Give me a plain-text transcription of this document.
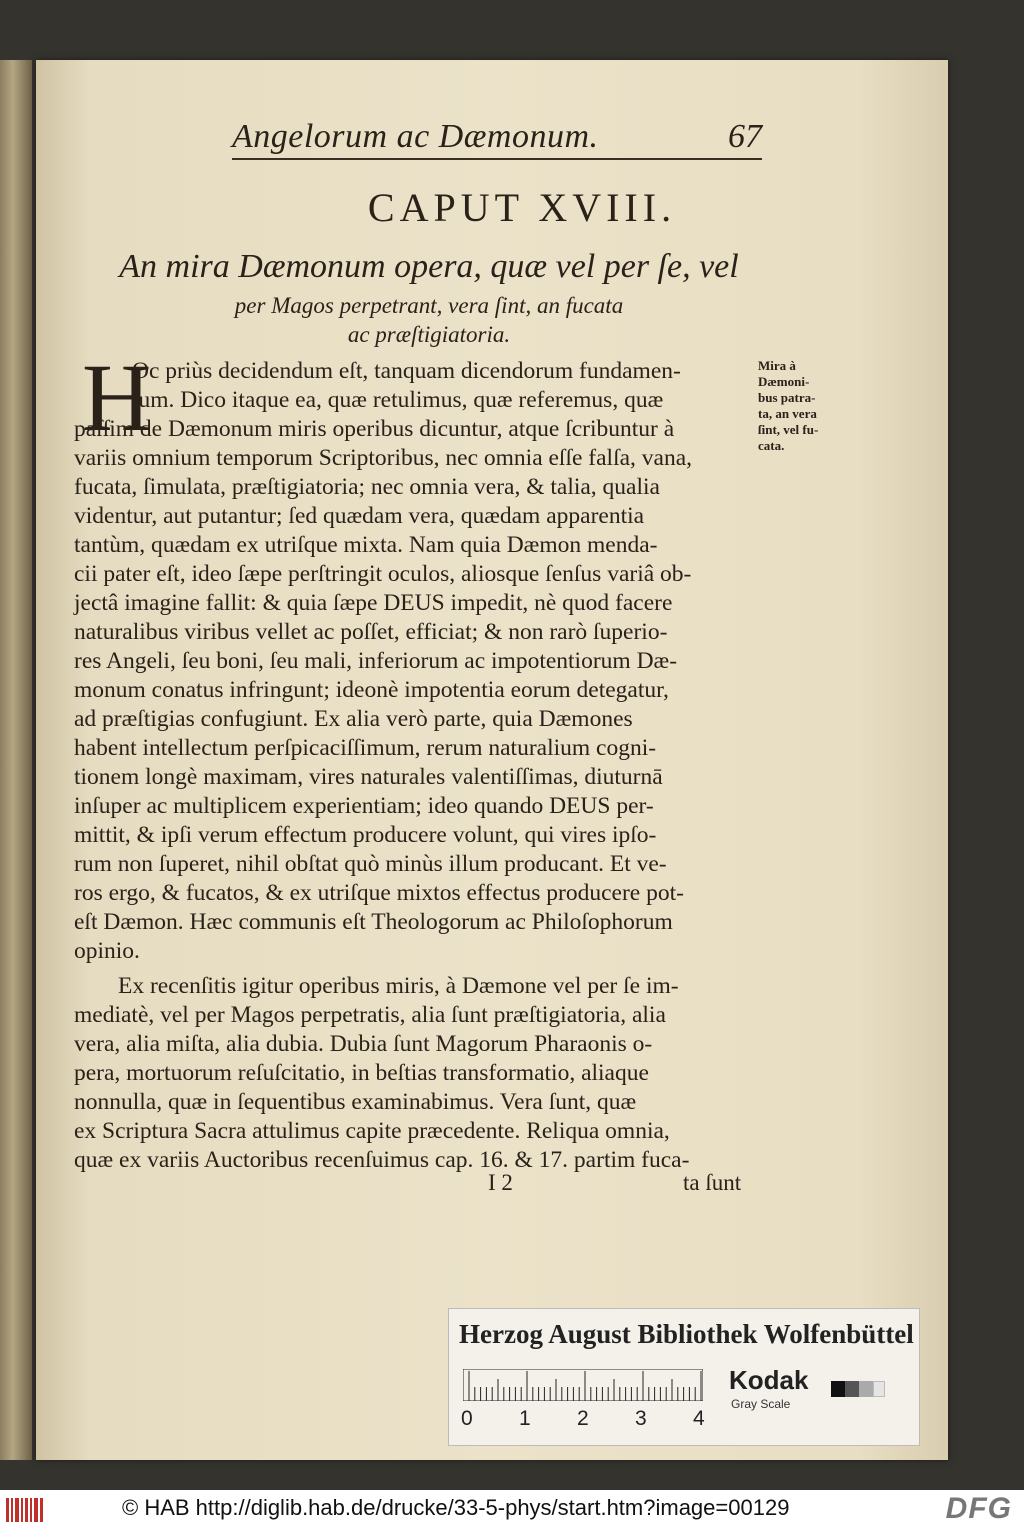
Angelorum ac Dæmonum.	67
CAPUT XVIII.
An mira Dæmonum opera, quæ vel per ſe, vel
per Magos perpetrant, vera ſint, an fucata
ac præſtigiatoria.
H
Oc priùs decidendum eſt, tanquam dicendorum fundamen-
tum. Dico itaque ea, quæ retulimus, quæ referemus, quæ
paſſim de Dæmonum miris operibus dicuntur, atque ſcribuntur à
variis omnium temporum Scriptoribus, nec omnia eſſe falſa, vana,
fucata, ſimulata, præſtigiatoria; nec omnia vera, & talia, qualia
videntur, aut putantur; ſed quædam vera, quædam apparentia
tantùm, quædam ex utriſque mixta. Nam quia Dæmon menda-
cii pater eſt, ideo ſæpe perſtringit oculos, aliosque ſenſus variâ ob-
jectâ imagine fallit: & quia ſæpe DEUS impedit, nè quod facere
naturalibus viribus vellet ac poſſet, efficiat; & non rarò ſuperio-
res Angeli, ſeu boni, ſeu mali, inferiorum ac impotentiorum Dæ-
monum conatus infringunt; ideonè impotentia eorum detegatur,
ad præſtigias confugiunt. Ex alia verò parte, quia Dæmones
habent intellectum perſpicaciſſimum, rerum naturalium cogni-
tionem longè maximam, vires naturales valentiſſimas, diuturnā
inſuper ac multiplicem experientiam; ideo quando DEUS per-
mittit, & ipſi verum effectum producere volunt, qui vires ipſo-
rum non ſuperet, nihil obſtat quò minùs illum producant. Et ve-
ros ergo, & fucatos, & ex utriſque mixtos effectus producere pot-
eſt Dæmon. Hæc communis eſt Theologorum ac Philoſophorum
opinio.
Ex recenſitis igitur operibus miris, à Dæmone vel per ſe im-
mediatè, vel per Magos perpetratis, alia ſunt præſtigiatoria, alia
vera, alia miſta, alia dubia. Dubia ſunt Magorum Pharaonis o-
pera, mortuorum reſuſcitatio, in beſtias transformatio, aliaque
nonnulla, quæ in ſequentibus examinabimus. Vera ſunt, quæ
ex Scriptura Sacra attulimus capite præcedente. Reliqua omnia,
quæ ex variis Auctoribus recenſuimus cap. 16. & 17. partim fuca-
Mira à
Dæmoni-
bus patra-
ta, an vera
ſint, vel fu-
cata.
I 2	ta ſunt
Herzog August Bibliothek Wolfenbüttel
0 1 2 3 4
Kodak
Gray Scale
© HAB http://diglib.hab.de/drucke/33-5-phys/start.htm?image=00129	DFG
